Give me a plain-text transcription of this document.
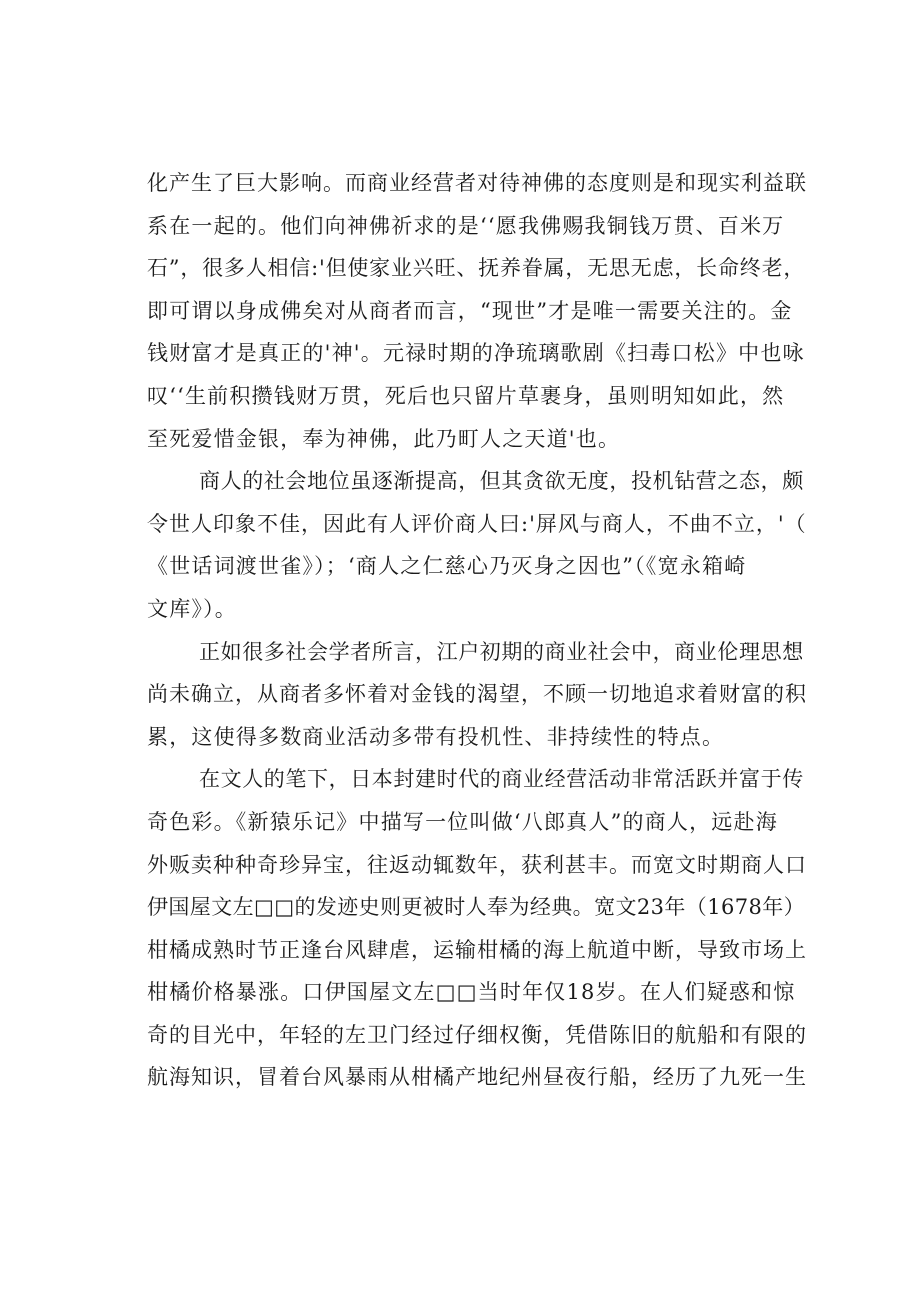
化产生了巨大影响。而商业经营者对待神佛的态度则是和现实利益联
系在一起的。他们向神佛祈求的是‘‘愿我佛赐我铜钱万贯、百米万
石”，很多人相信:'但使家业兴旺、抚养眷属，无思无虑，长命终老，
即可谓以身成佛矣对从商者而言，“现世”才是唯一需要关注的。金
钱财富才是真正的'神'。元禄时期的净琉璃歌剧《扫毒口松》中也咏
叹‘‘生前积攒钱财万贯，死后也只留片草裹身，虽则明知如此，然
至死爱惜金银，奉为神佛，此乃町人之天道'也。
商人的社会地位虽逐渐提高，但其贪欲无度，投机钻营之态，颇
令世人印象不佳，因此有人评价商人曰:'屏风与商人，不曲不立，'（
《世话词渡世雀》）；‘商人之仁慈心乃灭身之因也”（《宽永箱崎
文库》）。
正如很多社会学者所言，江户初期的商业社会中，商业伦理思想
尚未确立，从商者多怀着对金钱的渴望，不顾一切地追求着财富的积
累，这使得多数商业活动多带有投机性、非持续性的特点。
在文人的笔下，日本封建时代的商业经营活动非常活跃并富于传
奇色彩。《新猿乐记》中描写一位叫做‘八郎真人”的商人，远赴海
外贩卖种种奇珍异宝，往返动辄数年，获利甚丰。而宽文时期商人口
伊国屋文左□□的发迹史则更被时人奉为经典。宽文23年（1678年）
柑橘成熟时节正逢台风肆虐，运输柑橘的海上航道中断，导致市场上
柑橘价格暴涨。口伊国屋文左□□当时年仅18岁。在人们疑惑和惊
奇的目光中，年轻的左卫门经过仔细权衡，凭借陈旧的航船和有限的
航海知识，冒着台风暴雨从柑橘产地纪州昼夜行船，经历了九死一生
